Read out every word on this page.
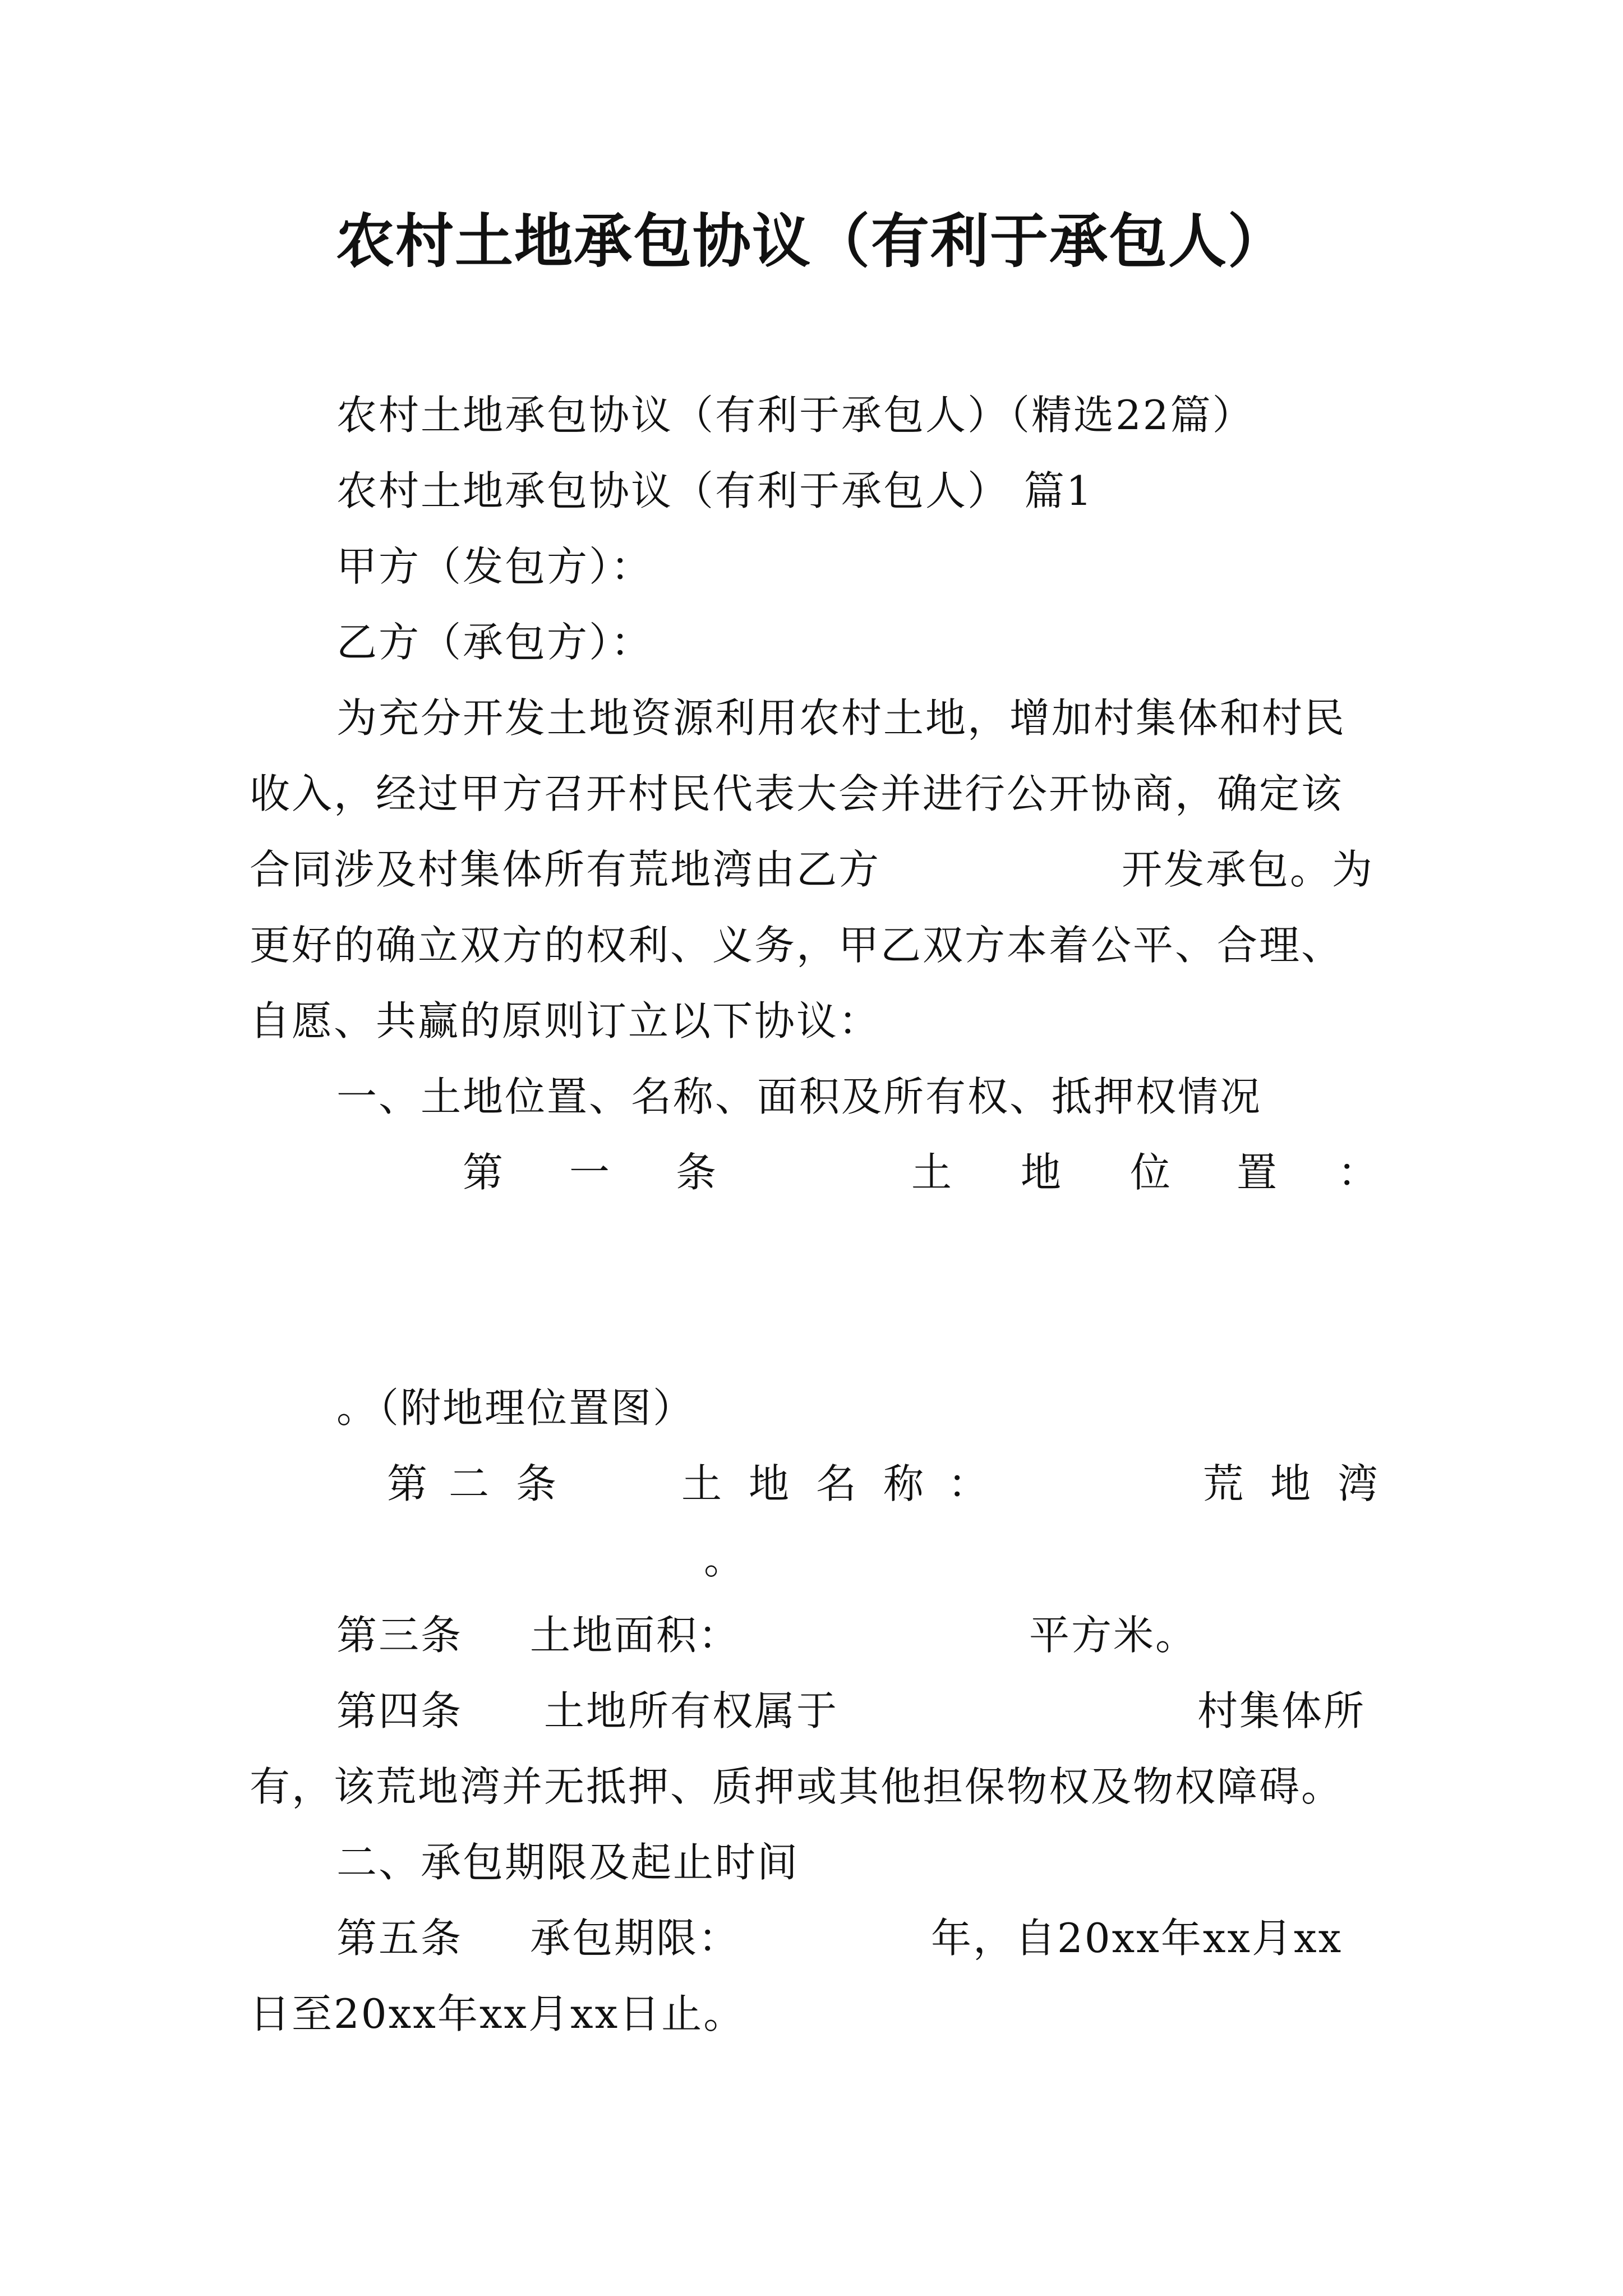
农村土地承包协议（有利于承包人）

农村土地承包协议（有利于承包人）（精选22篇）

农村土地承包协议（有利于承包人） 篇1

甲方（发包方）：

乙方（承包方）：

为充分开发土地资源利用农村土地，增加村集体和村民

收入，经过甲方召开村民代表大会并进行公开协商，确定该

合同涉及村集体所有荒地湾由乙方	开发承包。为

更好的确立双方的权利、义务，甲乙双方本着公平、合理、

自愿、共赢的原则订立以下协议：

一、土地位置、名称、面积及所有权、抵押权情况

第 一 条	土 地 位 置 ：

。（附地理位置图）

第 二 条	土 地 名 称 ：	荒 地 湾

。

第三条 土地面积：	平方米。

第四条 土地所有权属于	村集体所

有，该荒地湾并无抵押、质押或其他担保物权及物权障碍。

二、承包期限及起止时间

第五条 承包期限：	年，自20xx年xx月xx

日至20xx年xx月xx日止。
